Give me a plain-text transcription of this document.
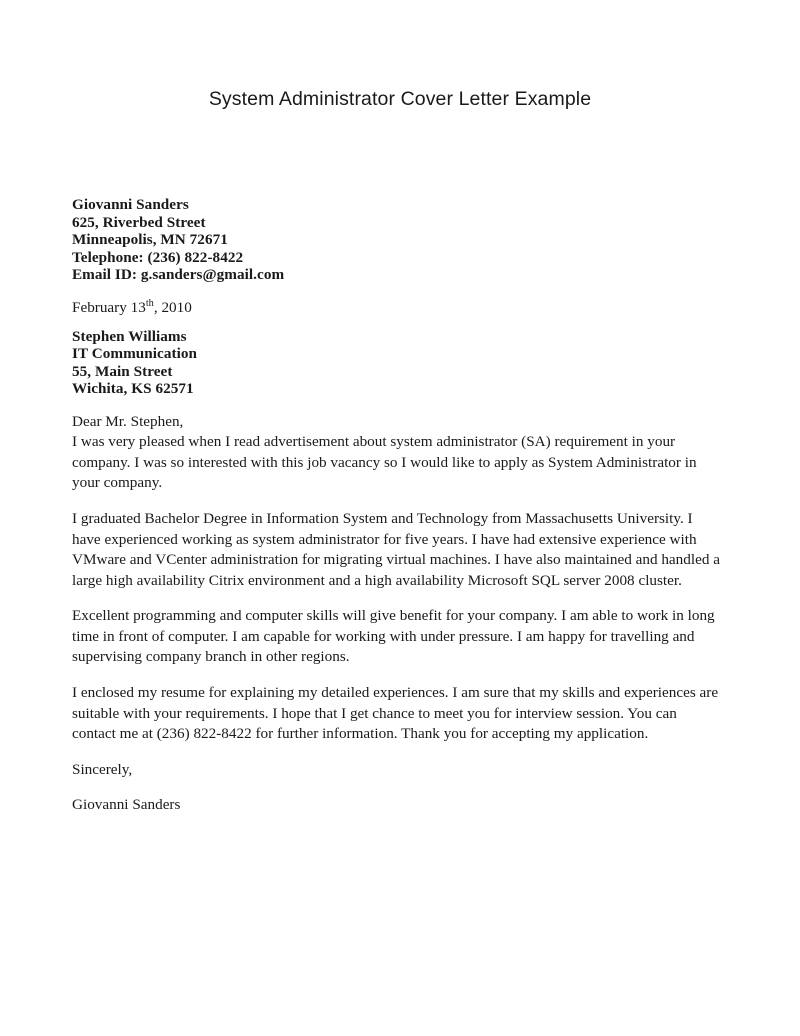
System Administrator Cover Letter Example
Giovanni Sanders
625, Riverbed Street
Minneapolis, MN 72671
Telephone: (236) 822-8422
Email ID: g.sanders@gmail.com
February 13th, 2010
Stephen Williams
IT Communication
55, Main Street
Wichita, KS 62571
Dear Mr. Stephen,

I was very pleased when I read advertisement about system administrator (SA) requirement in your company. I was so interested with this job vacancy so I would like to apply as System Administrator in your company.

I graduated Bachelor Degree in Information System and Technology from Massachusetts University. I have experienced working as system administrator for five years. I have had extensive experience with VMware and VCenter administration for migrating virtual machines. I have also maintained and handled a large high availability Citrix environment and a high availability Microsoft SQL server 2008 cluster.

Excellent programming and computer skills will give benefit for your company. I am able to work in long time in front of computer. I am capable for working with under pressure. I am happy for travelling and supervising company branch in other regions.

I enclosed my resume for explaining my detailed experiences. I am sure that my skills and experiences are suitable with your requirements. I hope that I get chance to meet you for interview session. You can contact me at (236) 822-8422 for further information. Thank you for accepting my application.

Sincerely,
Giovanni Sanders
